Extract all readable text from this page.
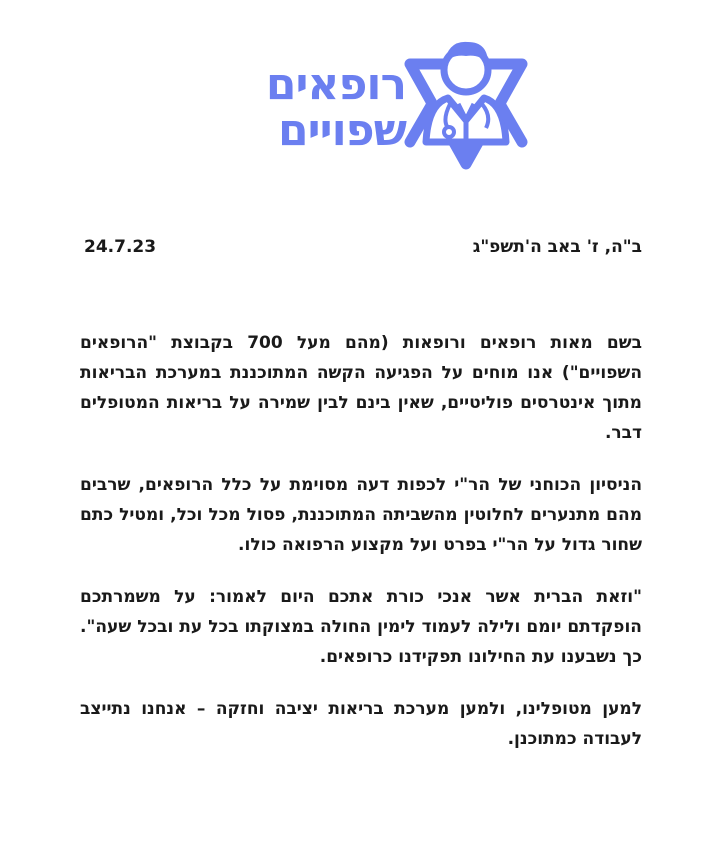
רופאים
שפויים
ב"ה, ז' באב ה'תשפ"ג
24.7.23

בשם מאות רופאים ורופאות (מהם מעל 700 בקבוצת "הרופאים השפויים") אנו מוחים על הפגיעה הקשה המתוכננת במערכת הבריאות מתוך אינטרסים פוליטיים, שאין בינם לבין שמירה על בריאות המטופלים דבר.

הניסיון הכוחני של הר"י לכפות דעה מסוימת על כלל הרופאים, שרבים מהם מתנערים לחלוטין מהשביתה המתוכננת, פסול מכל וכל, ומטיל כתם שחור גדול על הר"י בפרט ועל מקצוע הרפואה כולו.

"וזאת הברית אשר אנכי כורת אתכם היום לאמור: על משמרתכם הופקדתם יומם ולילה לעמוד לימין החולה במצוקתו בכל עת ובכל שעה". כך נשבענו עת החילונו תפקידנו כרופאים.

למען מטופלינו, ולמען מערכת בריאות יציבה וחזקה – אנחנו נתייצב לעבודה כמתוכנן.
